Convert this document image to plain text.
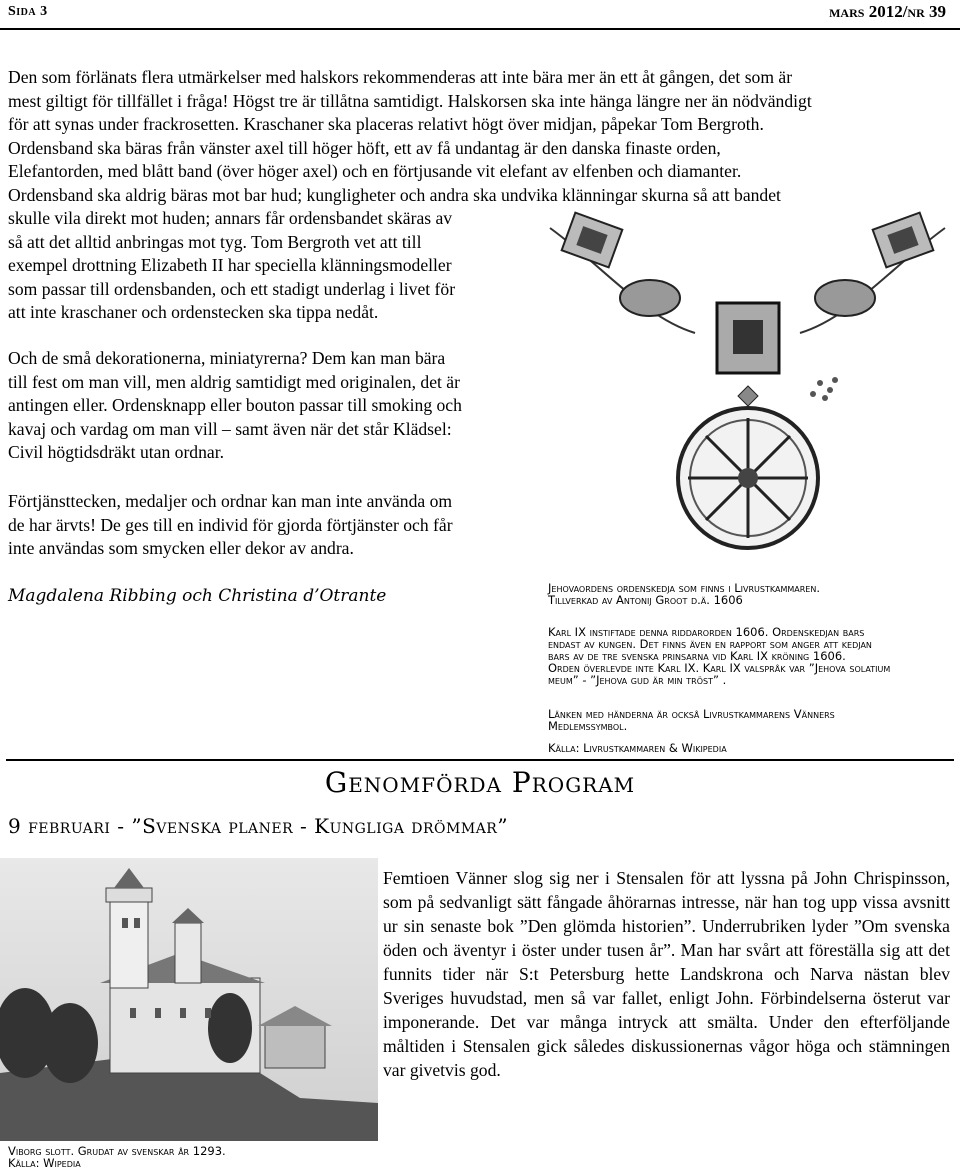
Sida 3	mars 2012/nr 39

Den som förlänats flera utmärkelser med halskors rekommenderas att inte bära mer än ett åt gången, det som är

mest giltigt för tillfället i fråga! Högst tre är tillåtna samtidigt. Halskorsen ska inte hänga längre ner än nödvändigt

för att synas under frackrosetten. Kraschaner ska placeras relativt högt över midjan, påpekar Tom Bergroth.

Ordensband ska bäras från vänster axel till höger höft, ett av få undantag är den danska finaste orden,

Elefantorden, med blått band (över höger axel) och en förtjusande vit elefant av elfenben och diamanter.

Ordensband ska aldrig bäras mot bar hud; kungligheter och andra ska undvika klänningar skurna så att bandet

skulle vila direkt mot huden; annars får ordensbandet skäras av

så att det alltid anbringas mot tyg. Tom Bergroth vet att till

exempel drottning Elizabeth II har speciella klänningsmodeller

som passar till ordensbanden, och ett stadigt underlag i livet för

att inte kraschaner och ordenstecken ska tippa nedåt.

Och de små dekorationerna, miniatyrerna? Dem kan man bära

till fest om man vill, men aldrig samtidigt med originalen, det är

antingen eller. Ordensknapp eller bouton passar till smoking och

kavaj och vardag om man vill – samt även när det står Klädsel:

Civil högtidsdräkt utan ordnar.

Förtjänsttecken, medaljer och ordnar kan man inte använda om

de har ärvts! De ges till en individ för gjorda förtjänster och får

inte användas som smycken eller dekor av andra.

Magdalena Ribbing och Christina d’Otrante	Jehovaordens ordenskedja som finns i Livrustkammaren.

Tillverkad av Antonij Groot d.ä. 1606

Karl IX instiftade denna riddarorden 1606. Ordenskedjan bars

endast av kungen. Det finns även en rapport som anger att kedjan

bars av de tre svenska prinsarna vid Karl IX kröning 1606.

Orden överlevde inte Karl IX. Karl IX valspråk var ”Jehova solatium

meum” - ”Jehova gud är min tröst” .

Länken med händerna är också Livrustkammarens Vänners

Medlemssymbol.

Källa: Livrustkammaren & Wikipedia

Genomförda Program
9 februari - ”Svenska planer - Kungliga drömmar”
Femtioen Vänner slog sig ner i Stensalen för att lyssna på John Chrispinsson, som på sedvanligt sätt fångade åhörarnas intresse, när han tog upp vissa avsnitt ur sin senaste bok ”Den glömda historien”. Underrubriken lyder ”Om svenska öden och äventyr i öster under tusen år”. Man har svårt att föreställa sig att det funnits tider när S:t Petersburg hette Landskrona och Narva nästan blev Sveriges huvudstad, men så var fallet, enligt John. Förbindelserna österut var imponerande. Det var många intryck att smälta. Under den efterföljande måltiden i Stensalen gick således diskussionernas vågor höga och stämningen var givetvis god.

Viborg slott. Grudat av svenskar år 1293.

Källa: Wipedia
